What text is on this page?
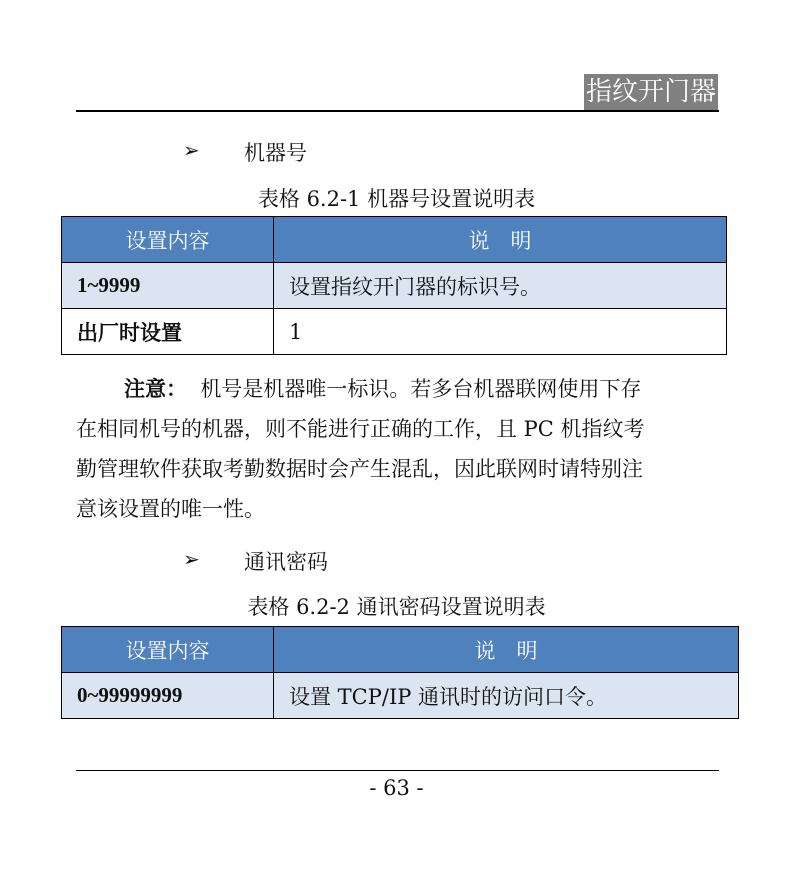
指纹开门器
➢ 机器号
表格 6.2-1 机器号设置说明表
设置内容	说　明
1~9999	设置指纹开门器的标识号。
出厂时设置	1
注意： 机号是机器唯一标识。若多台机器联网使用下存
在相同机号的机器，则不能进行正确的工作，且 PC 机指纹考
勤管理软件获取考勤数据时会产生混乱，因此联网时请特别注
意该设置的唯一性。
➢ 通讯密码
表格 6.2-2 通讯密码设置说明表
设置内容	说　明
0~99999999	设置 TCP/IP 通讯时的访问口令。
- 63 -
